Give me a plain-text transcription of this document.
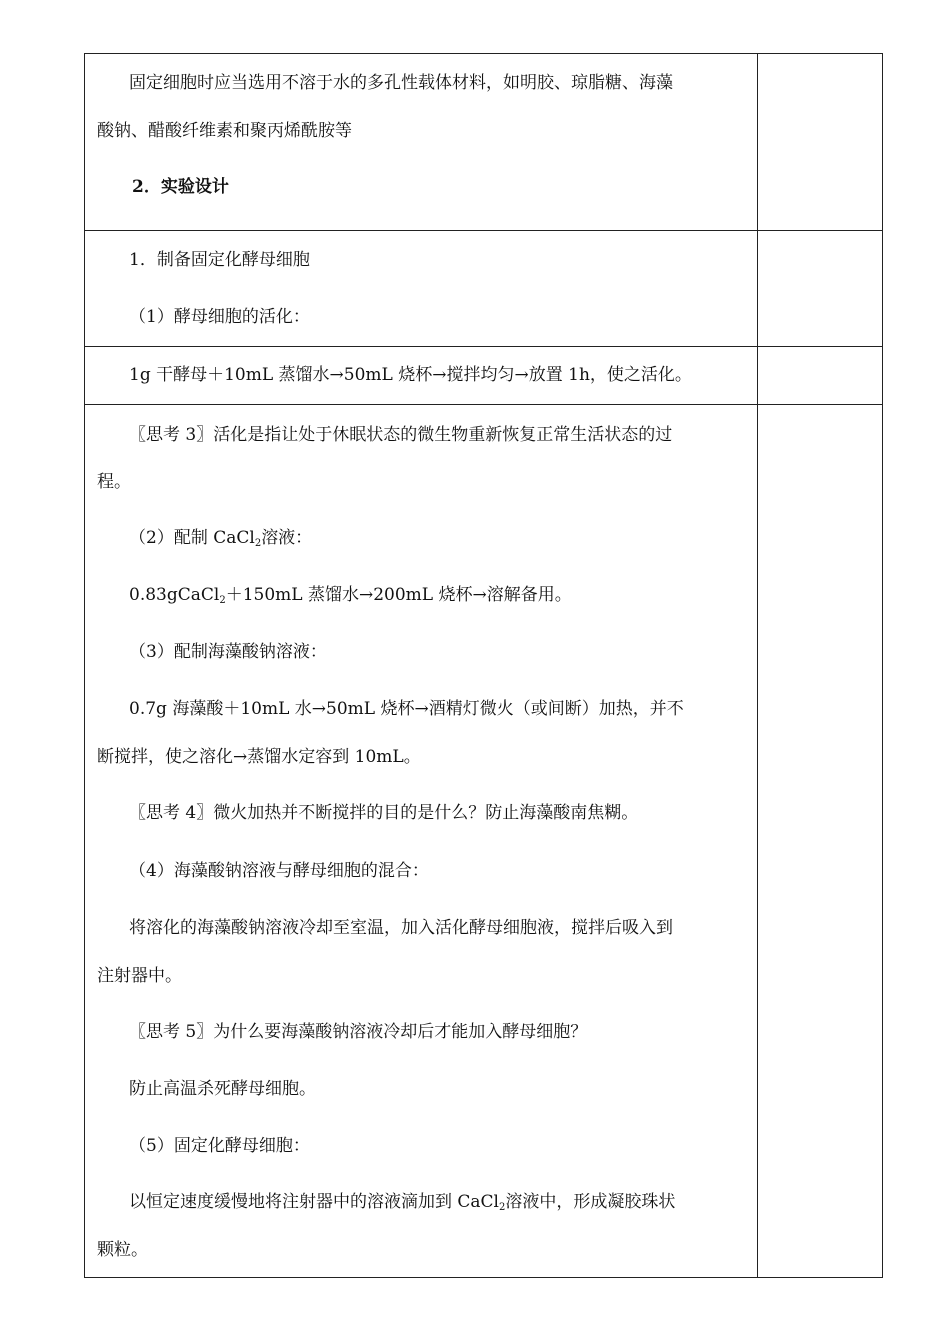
固定细胞时应当选用不溶于水的多孔性载体材料，如明胶、琼脂糖、海藻
酸钠、醋酸纤维素和聚丙烯酰胺等
2．实验设计
1．制备固定化酵母细胞
（1）酵母细胞的活化：
1g 干酵母＋10mL 蒸馏水→50mL 烧杯→搅拌均匀→放置 1h，使之活化。
〖思考 3〗活化是指让处于休眠状态的微生物重新恢复正常生活状态的过
程。
（2）配制 CaCl$_2$溶液：
0.83gCaCl$_2$＋150mL 蒸馏水→200mL 烧杯→溶解备用。
（3）配制海藻酸钠溶液：
0.7g 海藻酸＋10mL 水→50mL 烧杯→酒精灯微火（或间断）加热，并不
断搅拌，使之溶化→蒸馏水定容到 10mL。
〖思考 4〗微火加热并不断搅拌的目的是什么？防止海藻酸南焦糊。
（4）海藻酸钠溶液与酵母细胞的混合：
将溶化的海藻酸钠溶液冷却至室温，加入活化酵母细胞液，搅拌后吸入到
注射器中。
〖思考 5〗为什么要海藻酸钠溶液冷却后才能加入酵母细胞？
防止高温杀死酵母细胞。
（5）固定化酵母细胞：
以恒定速度缓慢地将注射器中的溶液滴加到 CaCl$_2$溶液中，形成凝胶珠状
颗粒。
